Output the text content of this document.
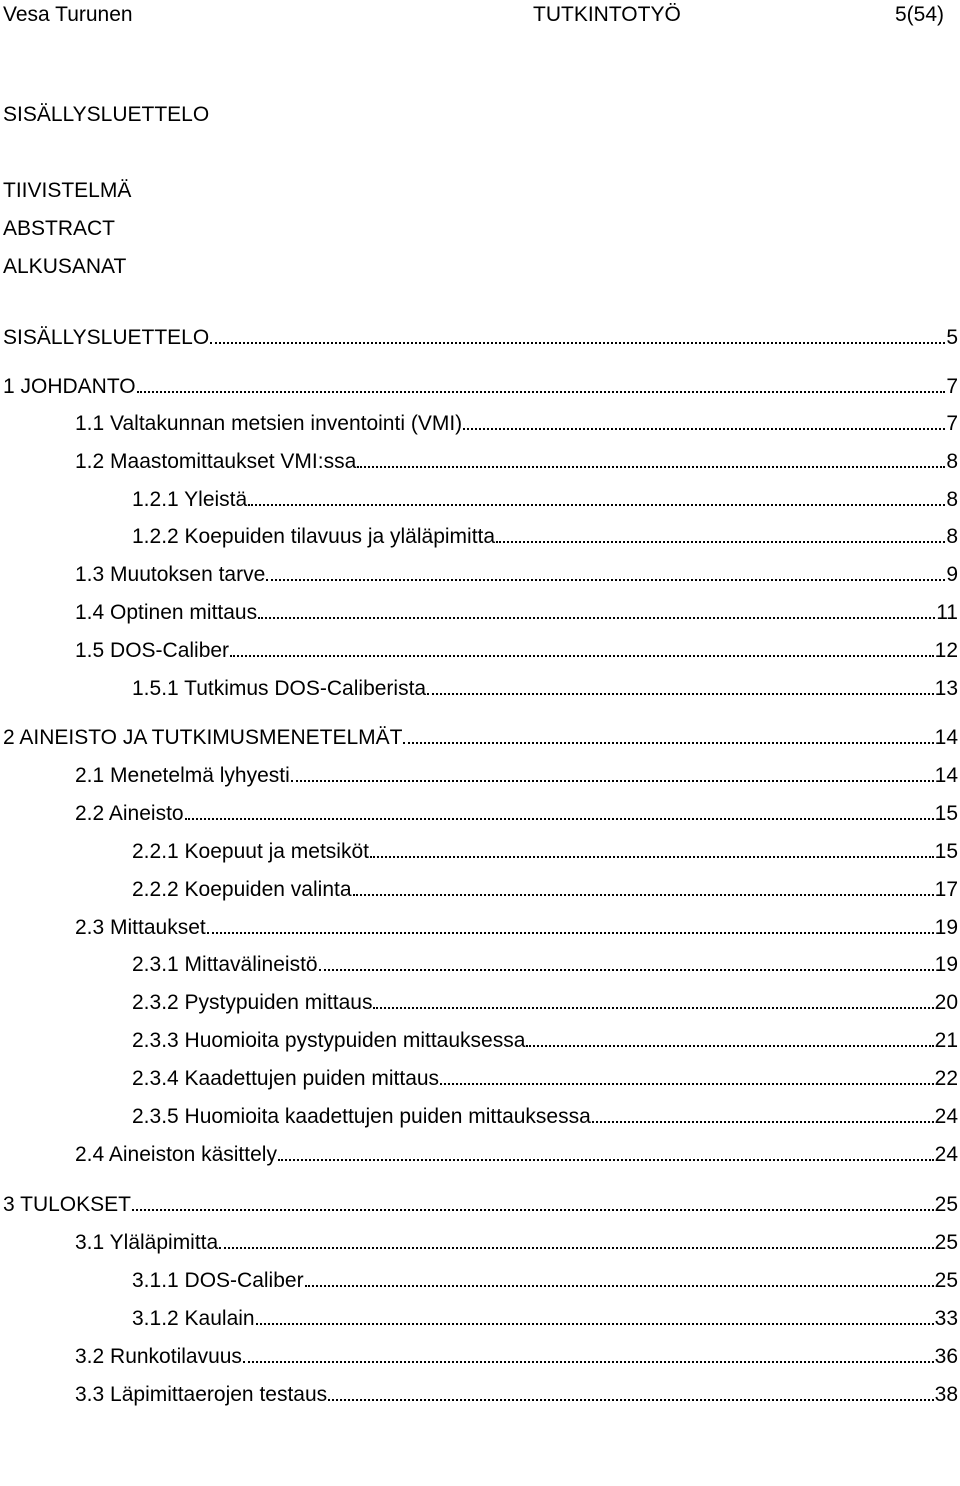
Vesa Turunen	TUTKINTOTYÖ	5(54)
SISÄLLYSLUETTELO
TIIVISTELMÄ
ABSTRACT
ALKUSANAT
SISÄLLYSLUETTELO	5
1 JOHDANTO	7
1.1 Valtakunnan metsien inventointi (VMI)	7
1.2 Maastomittaukset VMI:ssa	8
1.2.1 Yleistä	8
1.2.2 Koepuiden tilavuus ja yläläpimitta	8
1.3 Muutoksen tarve	9
1.4 Optinen mittaus	11
1.5 DOS-Caliber	12
1.5.1 Tutkimus DOS-Caliberista	13
2 AINEISTO JA TUTKIMUSMENETELMÄT	14
2.1 Menetelmä lyhyesti	14
2.2 Aineisto	15
2.2.1 Koepuut ja metsiköt	15
2.2.2 Koepuiden valinta	17
2.3 Mittaukset	19
2.3.1 Mittavälineistö	19
2.3.2 Pystypuiden mittaus	20
2.3.3 Huomioita pystypuiden mittauksessa	21
2.3.4 Kaadettujen puiden mittaus	22
2.3.5 Huomioita kaadettujen puiden mittauksessa	24
2.4 Aineiston käsittely	24
3 TULOKSET	25
3.1 Yläläpimitta	25
3.1.1 DOS-Caliber	25
3.1.2 Kaulain	33
3.2 Runkotilavuus	36
3.3 Läpimittaerojen testaus	38
